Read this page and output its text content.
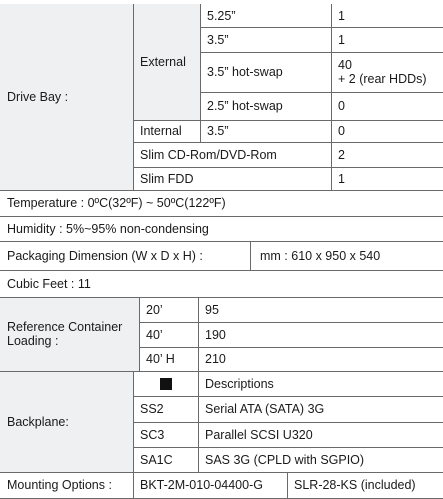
Drive Bay :
External
5.25”	1
3.5”	1
3.5” hot-swap	40
+ 2 (rear HDDs)
2.5” hot-swap	0
Internal	3.5”	0
Slim CD-Rom/DVD-Rom	2
Slim FDD	1
Temperature : 0ºC(32ºF) ~ 50ºC(122ºF)
Humidity : 5%~95% non-condensing
Packaging Dimension (W x D x H) :	mm : 610 x 950 x 540
Cubic Feet : 11
Reference Container
Loading :
20’	95
40’	190
40’ H	210
Backplane:
Descriptions
SS2	Serial ATA (SATA) 3G
SC3	Parallel SCSI U320
SA1C	SAS 3G (CPLD with SGPIO)
Mounting Options :	BKT-2M-010-04400-G	SLR-28-KS (included)
